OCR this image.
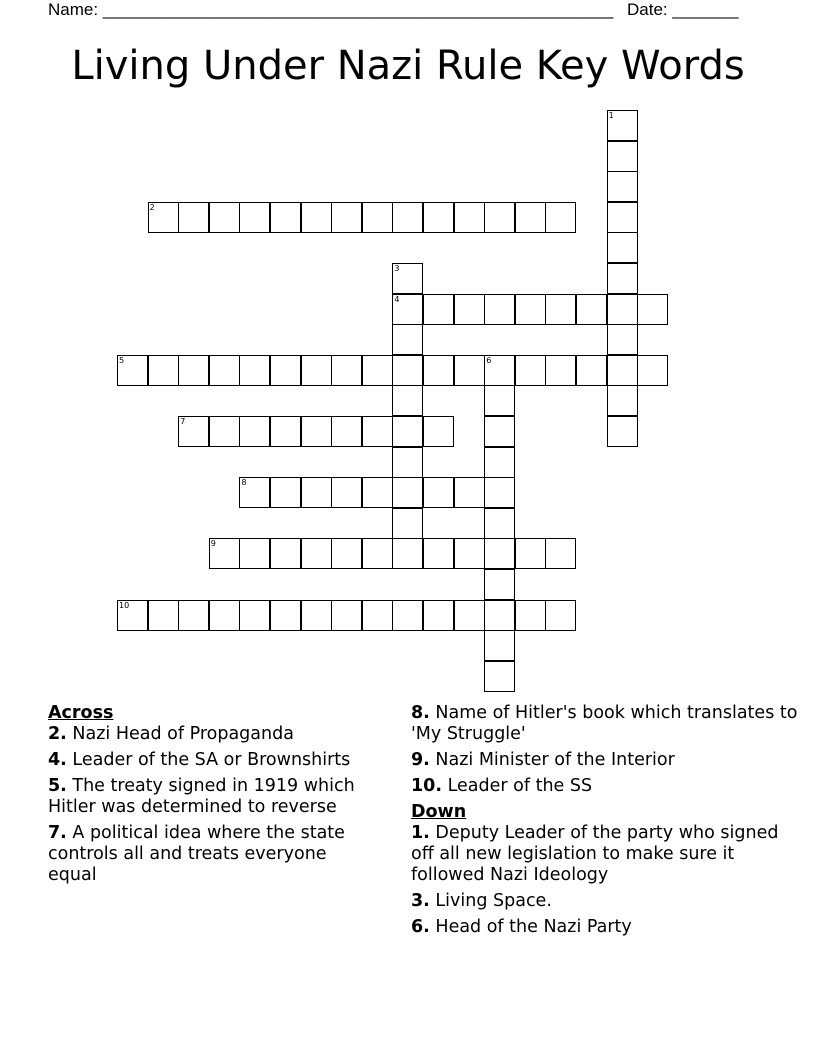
Name: ______________________________________________________ Date: _______
Living Under Nazi Rule Key Words
1
2
3
4
5	6
7
8
9
10

Across

2. Nazi Head of Propaganda

4. Leader of the SA or Brownshirts

5. The treaty signed in 1919 which Hitler was determined to reverse

7. A political idea where the state controls all and treats everyone equal

8. Name of Hitler's book which translates to 'My Struggle'

9. Nazi Minister of the Interior

10. Leader of the SS

Down

1. Deputy Leader of the party who signed off all new legislation to make sure it followed Nazi Ideology

3. Living Space.

6. Head of the Nazi Party
